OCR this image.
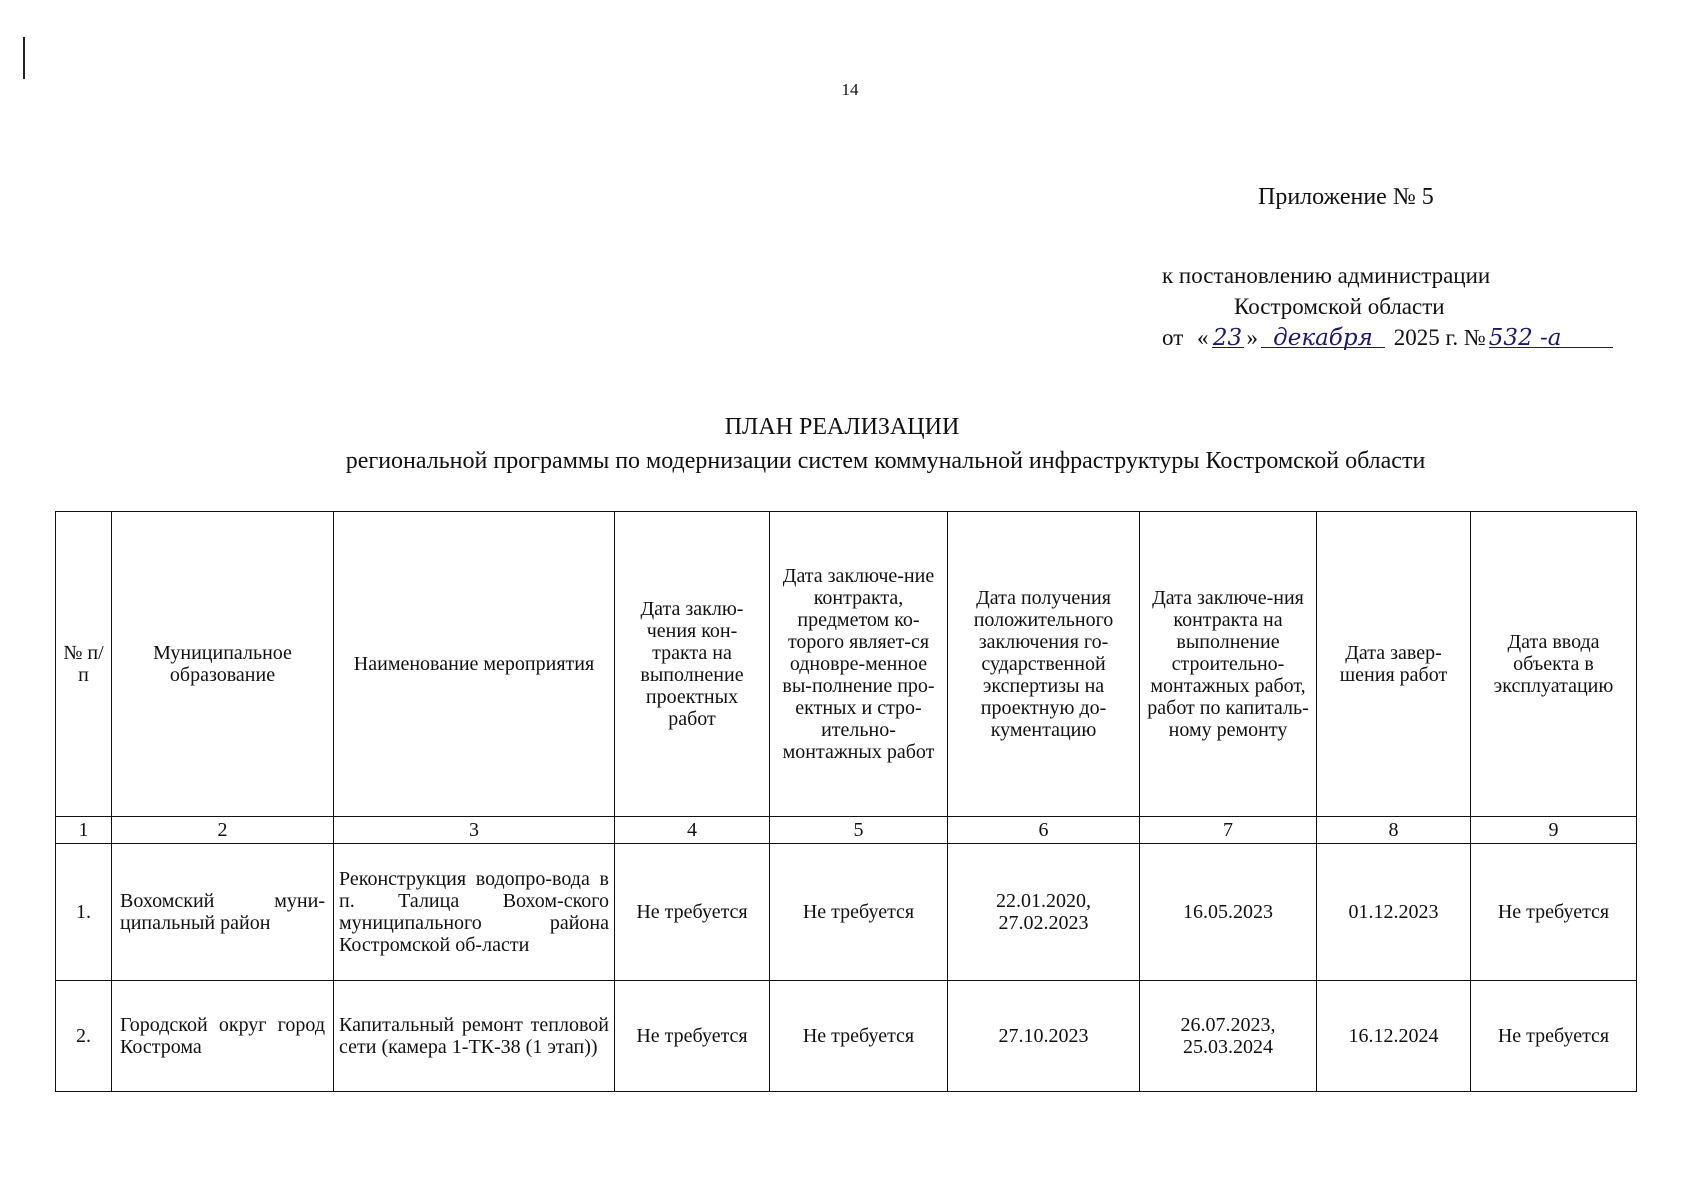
14
Приложение № 5
к постановлению администрации
Костромской области
от « 23 » декабря 2025 г. № 532 -а
ПЛАН РЕАЛИЗАЦИИ
региональной программы по модернизации систем коммунальной инфраструктуры Костромской области
№ п/п	Муниципальное образование	Наименование мероприятия	Дата заклю-чения кон-тракта на выполнение проектных работ	Дата заключе-ние контракта, предметом ко-торого являет-ся одновре-менное вы-полнение про-ектных и стро-ительно-монтажных работ	Дата получения положительного заключения го-сударственной экспертизы на проектную до-кументацию	Дата заключе-ния контракта на выполнение строительно-монтажных работ, работ по капиталь-ному ремонту	Дата завер-шения работ	Дата ввода объекта в эксплуатацию
1	2	3	4	5	6	7	8	9
1.	Вохомский муни-ципальный район	Реконструкция водопро-вода в п. Талица Вохом-ского муниципального района Костромской об-ласти	Не требуется	Не требуется	22.01.2020, 27.02.2023	16.05.2023	01.12.2023	Не требуется
2.	Городской округ город Кострома	Капитальный ремонт тепловой сети (камера 1-ТК-38 (1 этап))	Не требуется	Не требуется	27.10.2023	26.07.2023, 25.03.2024	16.12.2024	Не требуется
